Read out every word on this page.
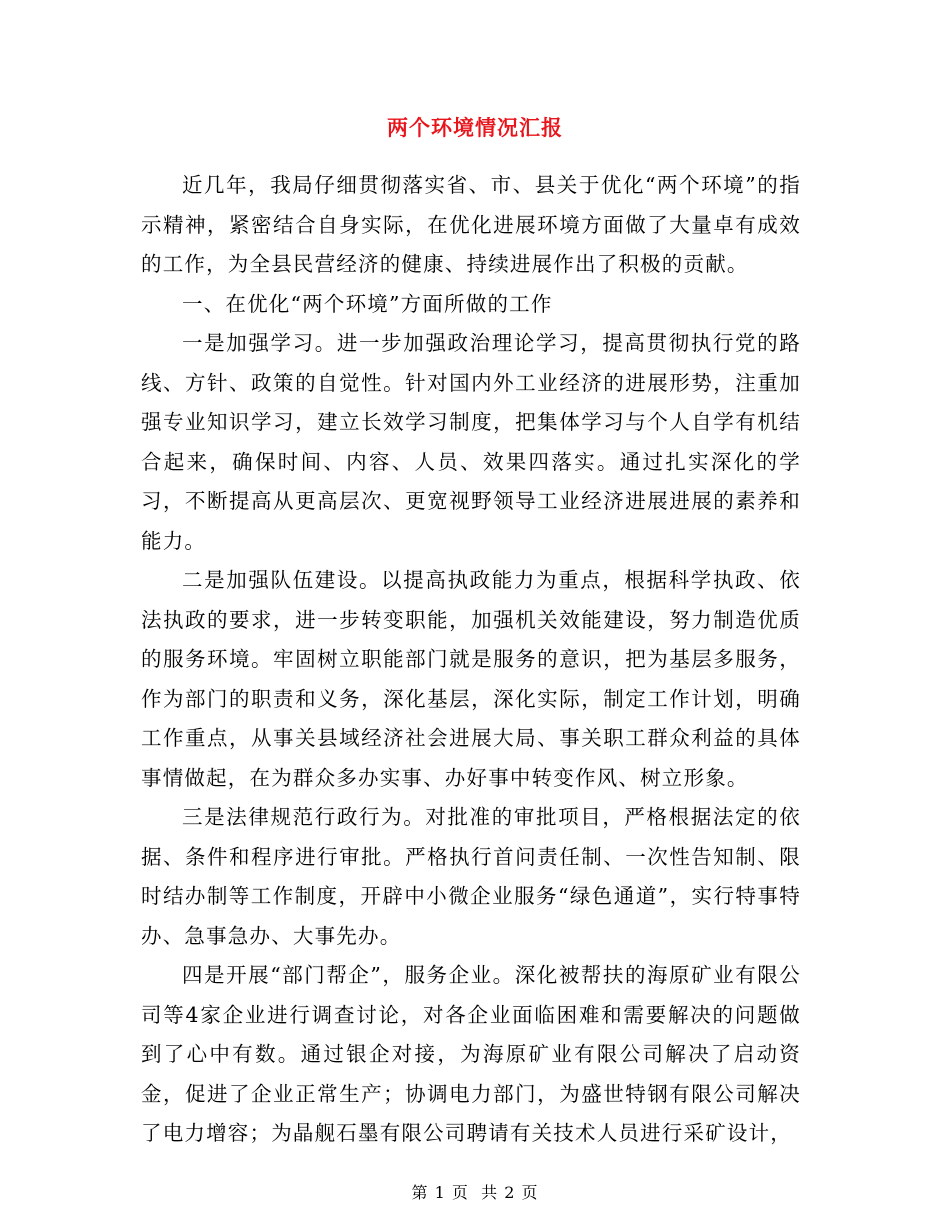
两个环境情况汇报

近几年，我局仔细贯彻落实省、市、县关于优化“两个环境”的指示精神，紧密结合自身实际，在优化进展环境方面做了大量卓有成效的工作，为全县民营经济的健康、持续进展作出了积极的贡献。

一、在优化“两个环境”方面所做的工作

一是加强学习。进一步加强政治理论学习，提高贯彻执行党的路线、方针、政策的自觉性。针对国内外工业经济的进展形势，注重加强专业知识学习，建立长效学习制度，把集体学习与个人自学有机结合起来，确保时间、内容、人员、效果四落实。通过扎实深化的学习，不断提高从更高层次、更宽视野领导工业经济进展进展的素养和能力。

二是加强队伍建设。以提高执政能力为重点，根据科学执政、依法执政的要求，进一步转变职能，加强机关效能建设，努力制造优质的服务环境。牢固树立职能部门就是服务的意识，把为基层多服务，作为部门的职责和义务，深化基层，深化实际，制定工作计划，明确工作重点，从事关县域经济社会进展大局、事关职工群众利益的具体事情做起，在为群众多办实事、办好事中转变作风、树立形象。

三是法律规范行政行为。对批准的审批项目，严格根据法定的依据、条件和程序进行审批。严格执行首问责任制、一次性告知制、限时结办制等工作制度，开辟中小微企业服务“绿色通道”，实行特事特办、急事急办、大事先办。

四是开展“部门帮企”，服务企业。深化被帮扶的海原矿业有限公司等4家企业进行调查讨论，对各企业面临困难和需要解决的问题做到了心中有数。通过银企对接，为海原矿业有限公司解决了启动资金，促进了企业正常生产；协调电力部门，为盛世特钢有限公司解决了电力增容；为晶舰石墨有限公司聘请有关技术人员进行采矿设计，

第 1 页  共 2 页
